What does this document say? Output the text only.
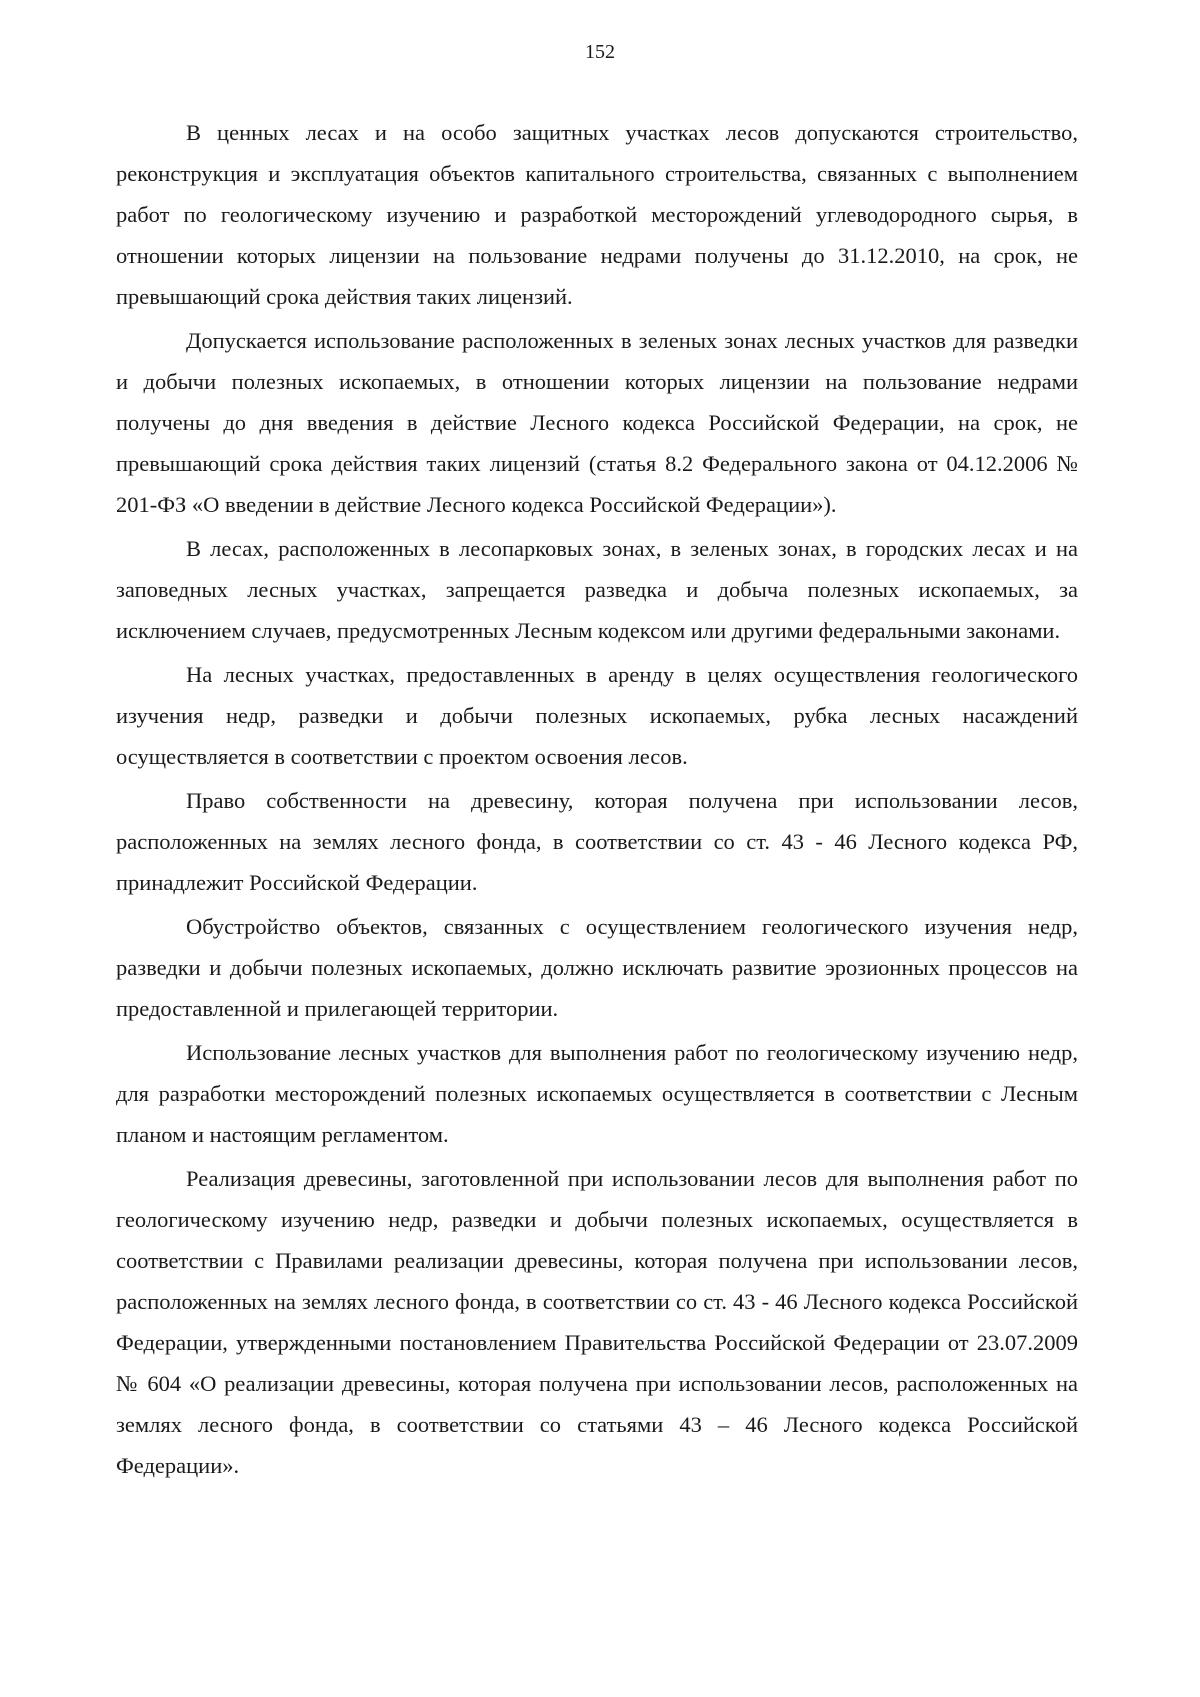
152

В ценных лесах и на особо защитных участках лесов допускаются строительство, реконструкция и эксплуатация объектов капитального строительства, связанных с выполнением работ по геологическому изучению и разработкой месторождений углеводородного сырья, в отношении которых лицензии на пользование недрами получены до 31.12.2010, на срок, не превышающий срока действия таких лицензий.

Допускается использование расположенных в зеленых зонах лесных участков для разведки и добычи полезных ископаемых, в отношении которых лицензии на пользование недрами получены до дня введения в действие Лесного кодекса Российской Федерации, на срок, не превышающий срока действия таких лицензий (статья 8.2 Федерального закона от 04.12.2006 № 201-ФЗ «О введении в действие Лесного кодекса Российской Федерации»).

В лесах, расположенных в лесопарковых зонах, в зеленых зонах, в городских лесах и на заповедных лесных участках, запрещается разведка и добыча полезных ископаемых, за исключением случаев, предусмотренных Лесным кодексом или другими федеральными законами.

На лесных участках, предоставленных в аренду в целях осуществления геологического изучения недр, разведки и добычи полезных ископаемых, рубка лесных насаждений осуществляется в соответствии с проектом освоения лесов.

Право собственности на древесину, которая получена при использовании лесов, расположенных на землях лесного фонда, в соответствии со ст. 43 - 46 Лесного кодекса РФ, принадлежит Российской Федерации.

Обустройство объектов, связанных с осуществлением геологического изучения недр, разведки и добычи полезных ископаемых, должно исключать развитие эрозионных процессов на предоставленной и прилегающей территории.

Использование лесных участков для выполнения работ по геологическому изучению недр, для разработки месторождений полезных ископаемых осуществляется в соответствии с Лесным планом и настоящим регламентом.

Реализация древесины, заготовленной при использовании лесов для выполнения работ по геологическому изучению недр, разведки и добычи полезных ископаемых, осуществляется в соответствии с Правилами реализации древесины, которая получена при использовании лесов, расположенных на землях лесного фонда, в соответствии со ст. 43 - 46 Лесного кодекса Российской Федерации, утвержденными постановлением Правительства Российской Федерации от 23.07.2009 № 604 «О реализации древесины, которая получена при использовании лесов, расположенных на землях лесного фонда, в соответствии со статьями 43 – 46 Лесного кодекса Российской Федерации».
